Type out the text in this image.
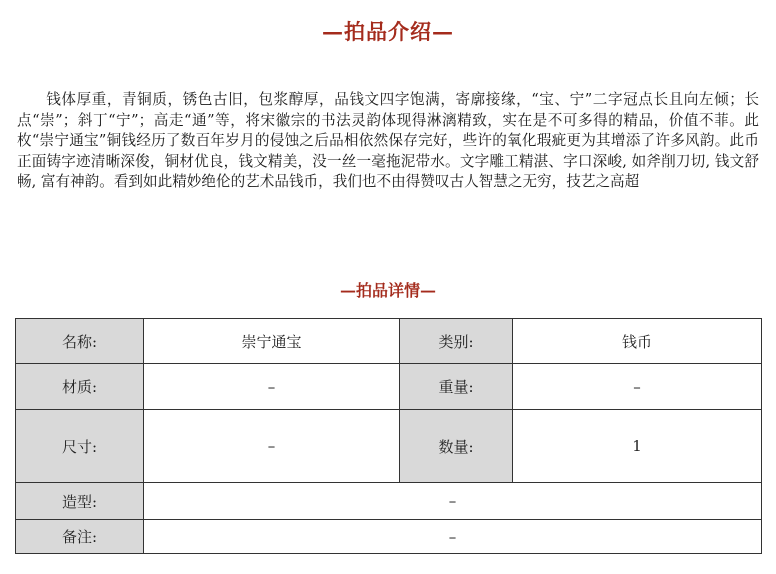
—拍品介绍—

钱体厚重，青铜质，锈色古旧，包浆醇厚，品钱文四字饱满，寄廓接缘，“宝、宁”二字冠点长且向左倾；长点“崇”；斜丁“宁”；高走“通”等，将宋徽宗的书法灵韵体现得淋漓精致，实在是不可多得的精品，价值不菲。此枚“崇宁通宝”铜钱经历了数百年岁月的侵蚀之后品相依然保存完好，些许的氧化瑕疵更为其增添了许多风韵。此币正面铸字迹清晰深俊，铜材优良，钱文精美，没一丝一毫拖泥带水。文字雕工精湛、字口深峻, 如斧削刀切, 钱文舒畅, 富有神韵。看到如此精妙绝伦的艺术品钱币，我们也不由得赞叹古人智慧之无穷，技艺之高超

—拍品详情—
名称:	崇宁通宝	类别:	钱币
材质:	–	重量:	–
尺寸:	–	数量:	1
造型:	–		
备注:	–		
